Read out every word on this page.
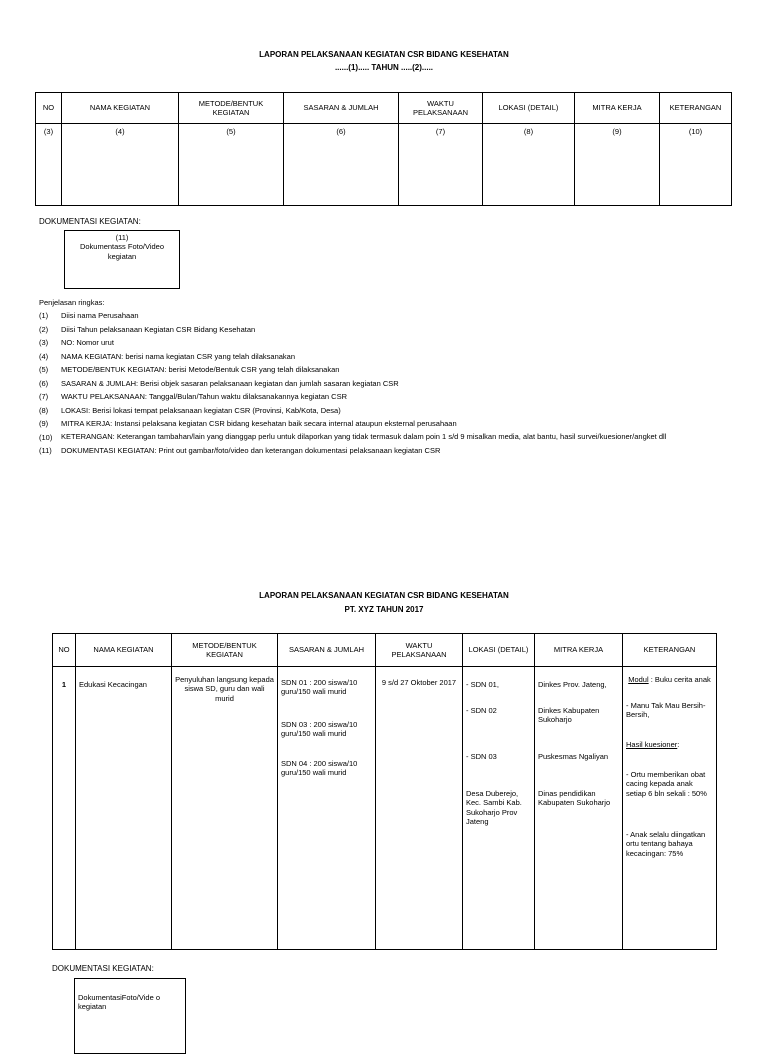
LAPORAN PELAKSANAAN KEGIATAN CSR BIDANG KESEHATAN
......(1)..... TAHUN .....(2).....
NO	NAMA KEGIATAN	METODE/BENTUK KEGIATAN	SASARAN & JUMLAH	WAKTU PELAKSANAAN	LOKASI (DETAIL)	MITRA KERJA	KETERANGAN
(3)	(4)	(5)	(6)	(7)	(8)	(9)	(10)
DOKUMENTASI KEGIATAN:
(11)
Dokumentass Foto/Video kegiatan
Penjelasan ringkas:
(1)	Diisi nama Perusahaan
(2)	Diisi Tahun pelaksanaan Kegiatan CSR Bidang Kesehatan
(3)	NO: Nomor urut
(4)	NAMA KEGIATAN: berisi nama kegiatan CSR yang telah dilaksanakan
(5)	METODE/BENTUK KEGIATAN: berisi Metode/Bentuk CSR yang telah dilaksanakan
(6)	SASARAN & JUMLAH: Berisi objek sasaran pelaksanaan kegiatan dan jumlah sasaran kegiatan CSR
(7)	WAKTU PELAKSANAAN: Tanggal/Bulan/Tahun waktu dilaksanakannya kegiatan CSR
(8)	LOKASI: Berisi lokasi tempat pelaksanaan kegiatan CSR (Provinsi, Kab/Kota, Desa)
(9)	MITRA KERJA: Instansi pelaksana kegiatan CSR bidang kesehatan baik secara internal ataupun eksternal perusahaan
(10)	KETERANGAN: Keterangan tambahan/lain yang dianggap perlu untuk dilaporkan yang tidak termasuk dalam poin 1 s/d 9 misalkan media, alat bantu, hasil survei/kuesioner/angket dll
(11)	DOKUMENTASI KEGIATAN: Print out gambar/foto/video dan keterangan dokumentasi pelaksanaan kegiatan CSR
LAPORAN PELAKSANAAN KEGIATAN CSR BIDANG KESEHATAN
PT. XYZ TAHUN 2017
NO	NAMA KEGIATAN	METODE/BENTUK KEGIATAN	SASARAN & JUMLAH	WAKTU PELAKSANAAN	LOKASI (DETAIL)	MITRA KERJA	KETERANGAN
1	Edukasi Kecacingan	Penyuluhan langsung kepada siswa SD, guru dan wali murid	SDN 01 : 200 siswa/10 guru/150 wali murid
SDN 03 : 200 siswa/10 guru/150 wali murid
SDN 04 : 200 siswa/10 guru/150 wali murid	9 s/d 27 Oktober 2017	- SDN 01,
- SDN 02
- SDN 03
Desa Duberejo, Kec. Sambi Kab. Sukoharjo Prov Jateng	Dinkes Prov. Jateng,
Dinkes Kabupaten Sukoharjo
Puskesmas Ngaliyan
Dinas pendidikan Kabupaten Sukoharjo	Modul : Buku cerita anak
- Manu Tak Mau Bersih-Bersih,
Hasil kuesioner:
- Ortu memberikan obat cacing kepada anak setiap 6 bln sekali : 50%
- Anak selalu diingatkan ortu tentang bahaya kecacingan: 75%
DOKUMENTASI KEGIATAN:
DokumentasiFoto/Vide o kegiatan
